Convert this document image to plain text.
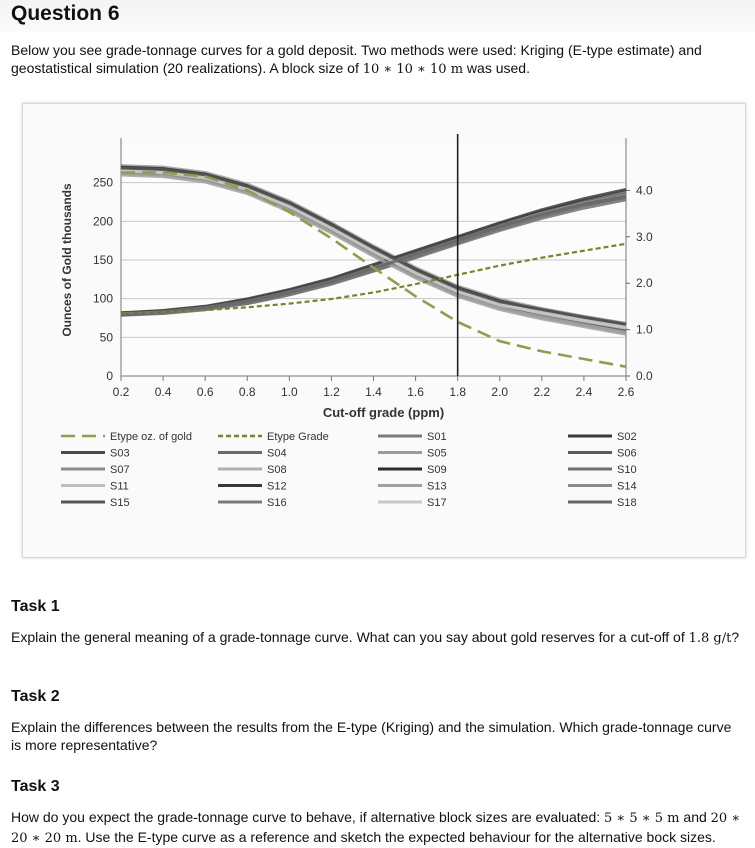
Question 6

Below you see grade-tonnage curves for a gold deposit. Two methods were used: Kriging (E-type estimate) and geostatistical simulation (20 realizations). A block size of 10 ∗ 10 ∗ 10 m was used.

0
50
100
150
200
250
0.0
1.0
2.0
3.0
4.0
0.2 0.4 0.6 0.8 1.0 1.2 1.4 1.6 1.8 2.0 2.2 2.4 2.6
Cut-off grade (ppm)
Ounces of Gold thousands
Etype oz. of gold	Etype Grade	S01	S02
S03	S04	S05	S06
S07	S08	S09	S10
S11	S12	S13	S14
S15	S16	S17	S18
Task 1

Explain the general meaning of a grade-tonnage curve. What can you say about gold reserves for a cut-off of 1.8 g/t?

Task 2

Explain the differences between the results from the E-type (Kriging) and the simulation. Which grade-tonnage curve is more representative?

Task 3

How do you expect the grade-tonnage curve to behave, if alternative block sizes are evaluated: 5 ∗ 5 ∗ 5 m and 20 ∗ 20 ∗ 20 m. Use the E-type curve as a reference and sketch the expected behaviour for the alternative bock sizes.
